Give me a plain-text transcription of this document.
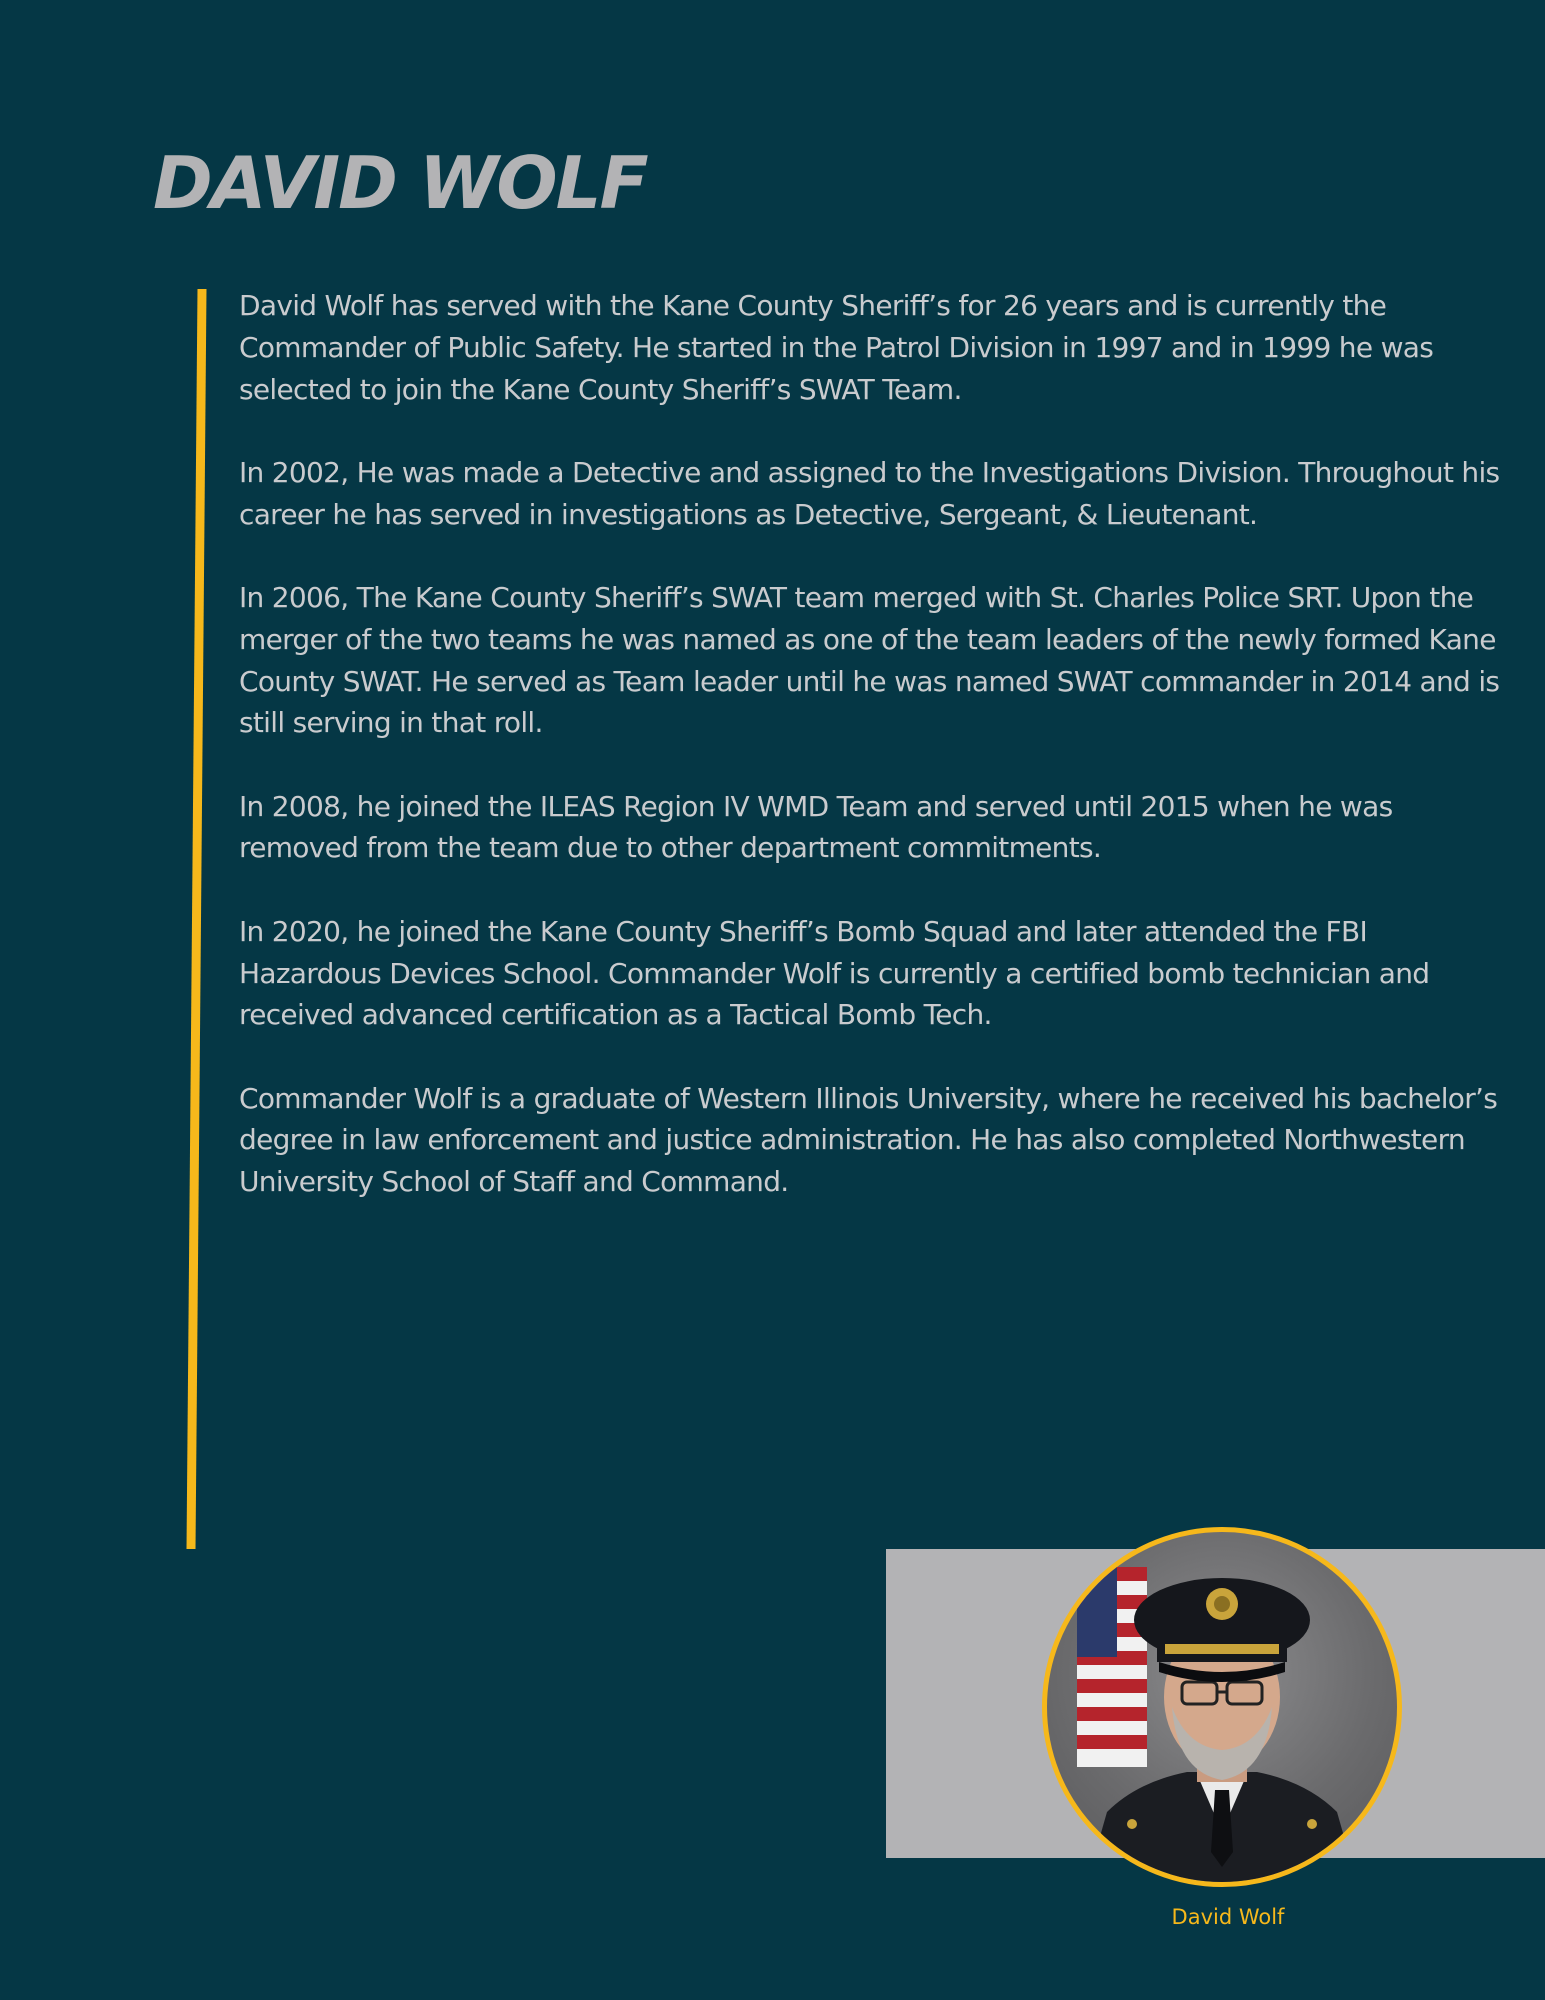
DAVID WOLF

David Wolf has served with the Kane County Sheriff’s for 26 years and is currently the Commander of Public Safety. He started in the Patrol Division in 1997 and in 1999 he was selected to join the Kane County Sheriff’s SWAT Team.

In 2002, He was made a Detective and assigned to the Investigations Division. Throughout his career he has served in investigations as Detective, Sergeant, & Lieutenant.

In 2006, The Kane County Sheriff’s SWAT team merged with St. Charles Police SRT. Upon the merger of the two teams he was named as one of the team leaders of the newly formed Kane County SWAT. He served as Team leader until he was named SWAT commander in 2014 and is still serving in that roll.

In 2008, he joined the ILEAS Region IV WMD Team and served until 2015 when he was removed from the team due to other department commitments.

In 2020, he joined the Kane County Sheriff’s Bomb Squad and later attended the FBI Hazardous Devices School. Commander Wolf is currently a certified bomb technician and received advanced certification as a Tactical Bomb Tech.

Commander Wolf is a graduate of Western Illinois University, where he received his bachelor’s degree in law enforcement and justice administration. He has also completed Northwestern University School of Staff and Command.

David Wolf
